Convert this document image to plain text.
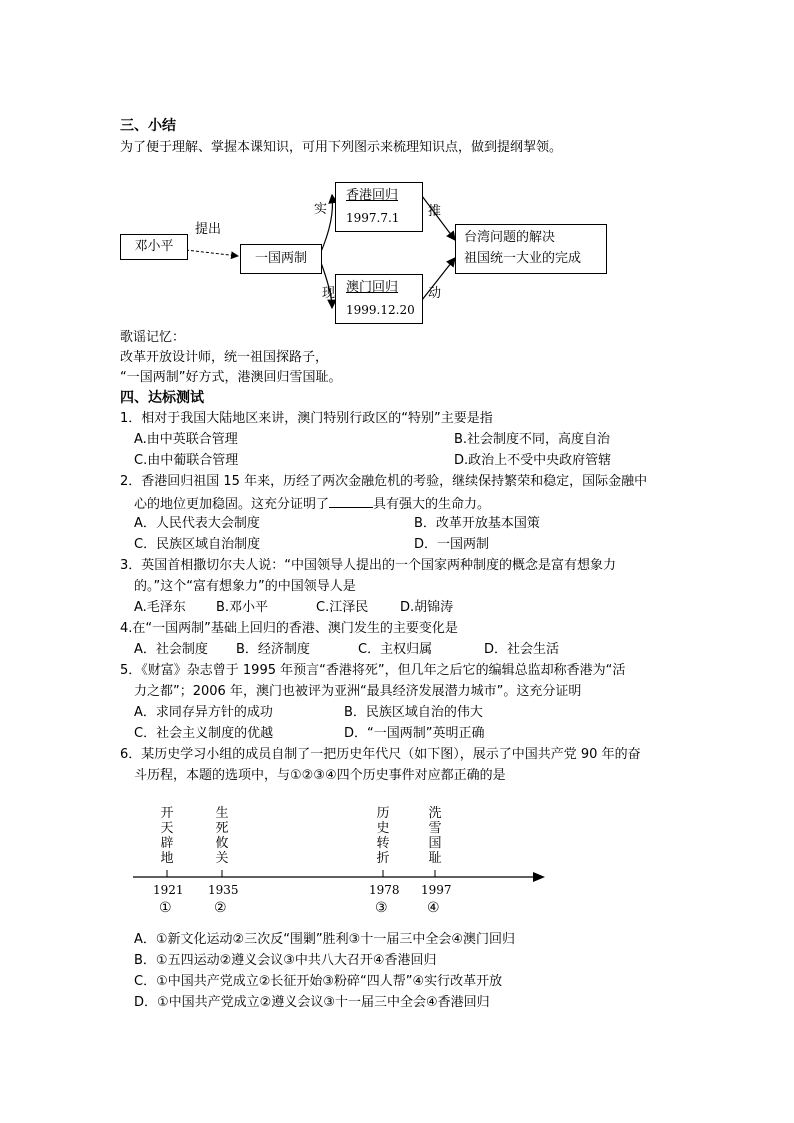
三、小结
为了便于理解、掌握本课知识，可用下列图示来梳理知识点，做到提纲挈领。
邓小平
提出
一国两制
实
现
香港回归
1997.7.1
澳门回归
1999.12.20
推
动
台湾问题的解决
祖国统一大业的完成
歌谣记忆：
改革开放设计师，统一祖国探路子，
“一国两制”好方式，港澳回归雪国耻。
四、达标测试
1．相对于我国大陆地区来讲，澳门特别行政区的“特别”主要是指
A.由中英联合管理	B.社会制度不同，高度自治
C.由中葡联合管理	D.政治上不受中央政府管辖
2．香港回归祖国 15 年来，历经了两次金融危机的考验，继续保持繁荣和稳定，国际金融中
心的地位更加稳固。这充分证明了	具有强大的生命力。
A．人民代表大会制度	B．改革开放基本国策
C．民族区域自治制度	D．一国两制
3．英国首相撒切尔夫人说：“中国领导人提出的一个国家两种制度的概念是富有想象力
的。”这个“富有想象力”的中国领导人是
A.毛泽东 B.邓小平	C.江泽民 D.胡锦涛
4.在“一国两制”基础上回归的香港、澳门发生的主要变化是
A．社会制度 B．经济制度	C．主权归属	D．社会生活
5．《财富》杂志曾于 1995 年预言“香港将死”，但几年之后它的编辑总监却称香港为“活
力之都”；2006 年，澳门也被评为亚洲“最具经济发展潜力城市”。这充分证明
A．求同存异方针的成功	B．民族区域自治的伟大
C．社会主义制度的优越	D．“一国两制”英明正确
6．某历史学习小组的成员自制了一把历史年代尺（如下图），展示了中国共产党 90 年的奋
斗历程，本题的选项中，与①②③④四个历史事件对应都正确的是
开天辟地
生死攸关
历史转折
洗雪国耻
1921 1935	1978 1997
①	②	③	④
A．①新文化运动②三次反“围剿”胜利③十一届三中全会④澳门回归
B．①五四运动②遵义会议③中共八大召开④香港回归
C．①中国共产党成立②长征开始③粉碎“四人帮”④实行改革开放
D．①中国共产党成立②遵义会议③十一届三中全会④香港回归
